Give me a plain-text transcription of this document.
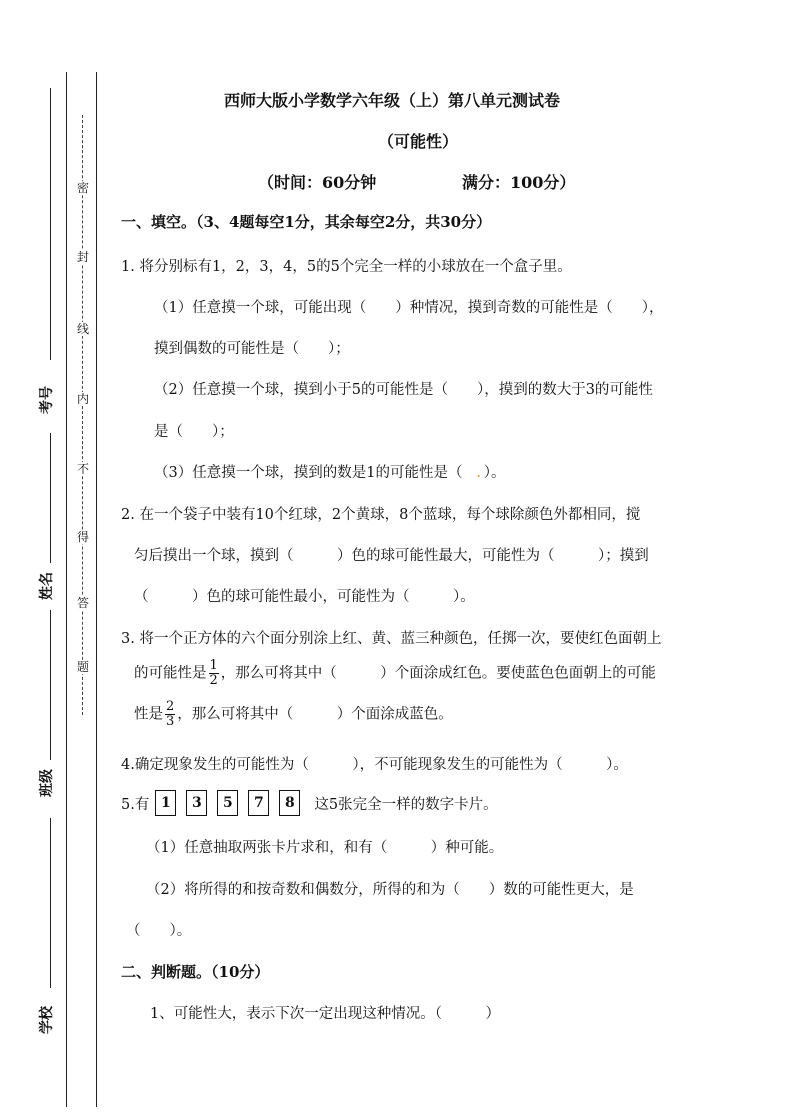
密
封
线
内
不
得
答
题
考号
姓名
班级
学校
西师大版小学数学六年级（上）第八单元测试卷
（可能性）
（时间：60分钟	满分：100分）
一、填空。（3、4题每空1分，其余每空2分，共30分）
1. 将分别标有1，2，3，4，5的5个完全一样的小球放在一个盒子里。
（1）任意摸一个球，可能出现（　　）种情况，摸到奇数的可能性是（　　），
摸到偶数的可能性是（　　）；
（2）任意摸一个球，摸到小于5的可能性是（　　），摸到的数大于3的可能性
是（　　）；
（3）任意摸一个球，摸到的数是1的可能性是（ ．）。
2. 在一个袋子中装有10个红球，2个黄球，8个蓝球，每个球除颜色外都相同，搅
匀后摸出一个球，摸到（　　　）色的球可能性最大，可能性为（　　　）；摸到
（　　　）色的球可能性最小，可能性为（　　　）。
3. 将一个正方体的六个面分别涂上红、黄、蓝三种颜色，任掷一次，要使红色面朝上
的可能性是 $\frac{1}{2}$ ，那么可将其中（　　　）个面涂成红色。要使蓝色色面朝上的可能
性是 $\frac{2}{3}$ ，那么可将其中（　　　）个面涂成蓝色。
4.确定现象发生的可能性为（　　　），不可能现象发生的可能性为（　　　）。
5.有 1 3 5 7 8 这5张完全一样的数字卡片。
（1）任意抽取两张卡片求和，和有（　　　）种可能。
（2）将所得的和按奇数和偶数分，所得的和为（　　）数的可能性更大，是
（　　）。
二、判断题。（10分）
1、可能性大，表示下次一定出现这种情况。（　　　）
